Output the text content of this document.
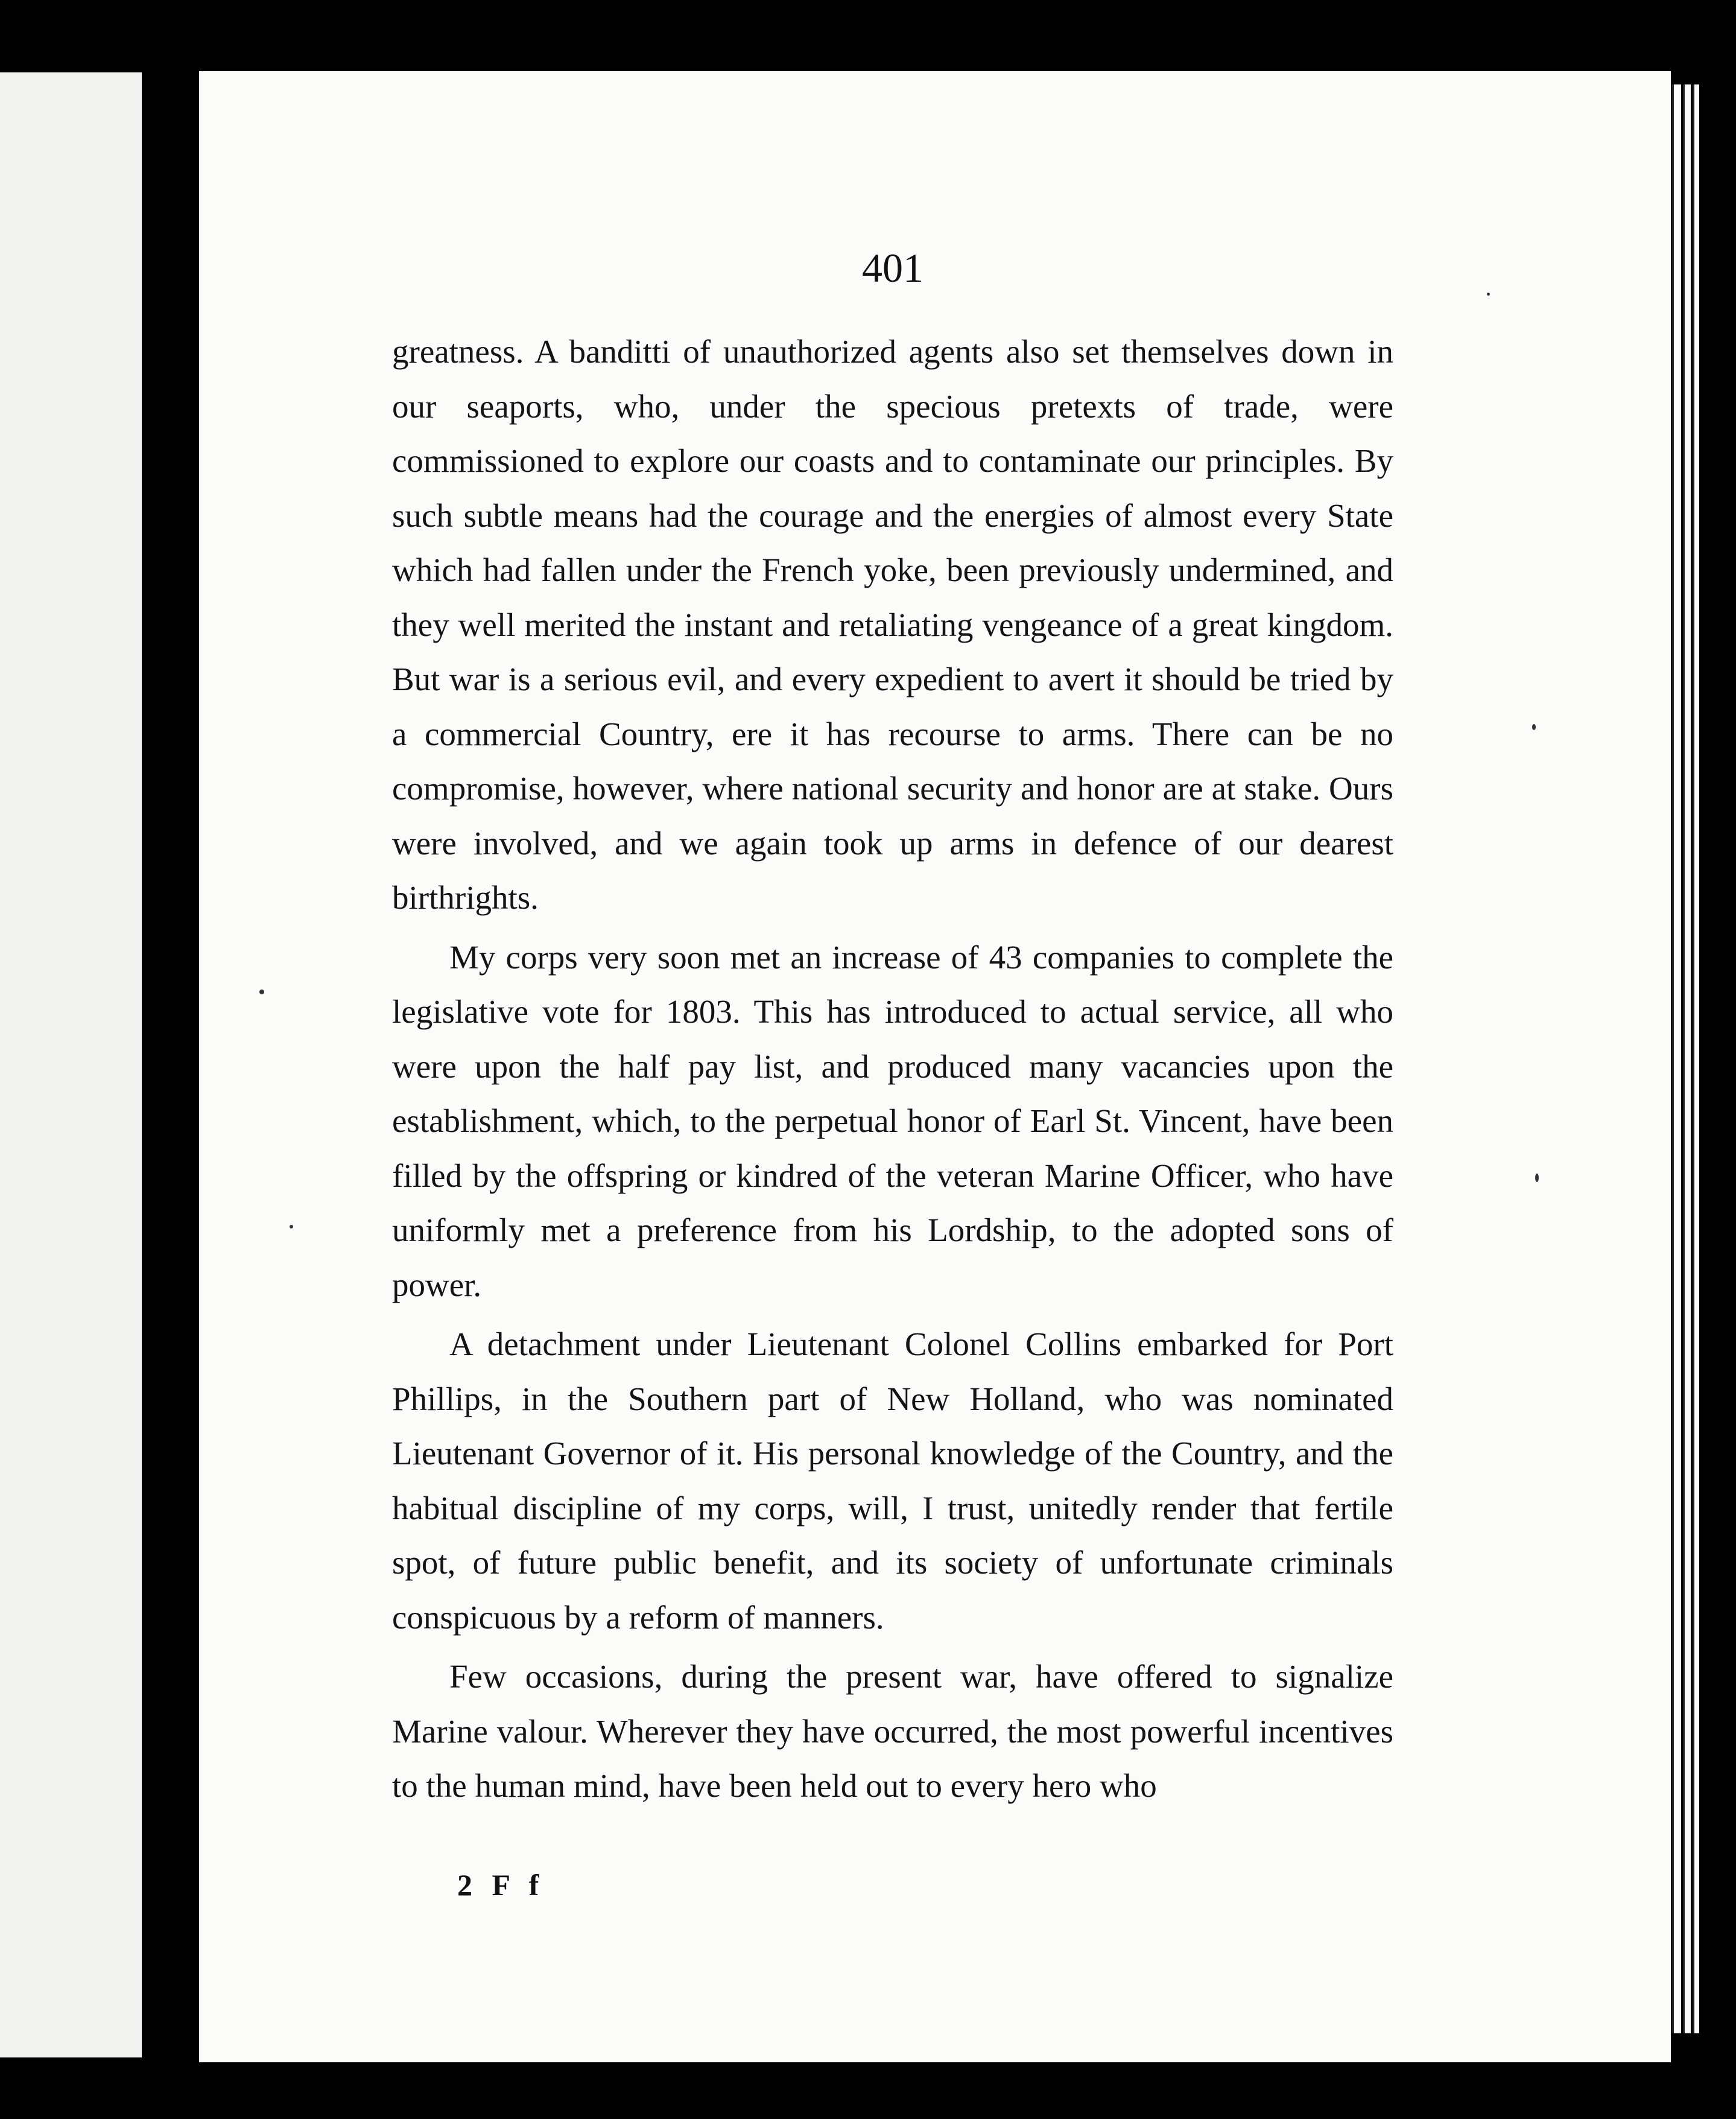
401

greatness. A banditti of unauthorized agents also set themselves down in our seaports, who, under the specious pretexts of trade, were commissioned to explore our coasts and to contaminate our principles. By such subtle means had the courage and the energies of almost every State which had fallen under the French yoke, been previously undermined, and they well merited the instant and retaliating vengeance of a great kingdom. But war is a serious evil, and every expedient to avert it should be tried by a commercial Country, ere it has recourse to arms. There can be no compromise, however, where national security and honor are at stake. Ours were involved, and we again took up arms in defence of our dearest birthrights.

My corps very soon met an increase of 43 companies to complete the legislative vote for 1803. This has introduced to actual service, all who were upon the half pay list, and produced many vacancies upon the establishment, which, to the perpetual honor of Earl St. Vincent, have been filled by the offspring or kindred of the veteran Marine Officer, who have uniformly met a preference from his Lordship, to the adopted sons of power.

A detachment under Lieutenant Colonel Collins embarked for Port Phillips, in the Southern part of New Holland, who was nominated Lieutenant Governor of it. His personal knowledge of the Country, and the habitual discipline of my corps, will, I trust, unitedly render that fertile spot, of future public benefit, and its society of unfortunate criminals conspicuous by a reform of manners.

Few occasions, during the present war, have offered to signalize Marine valour. Wherever they have occurred, the most powerful incentives to the human mind, have been held out to every hero who

2 F f
